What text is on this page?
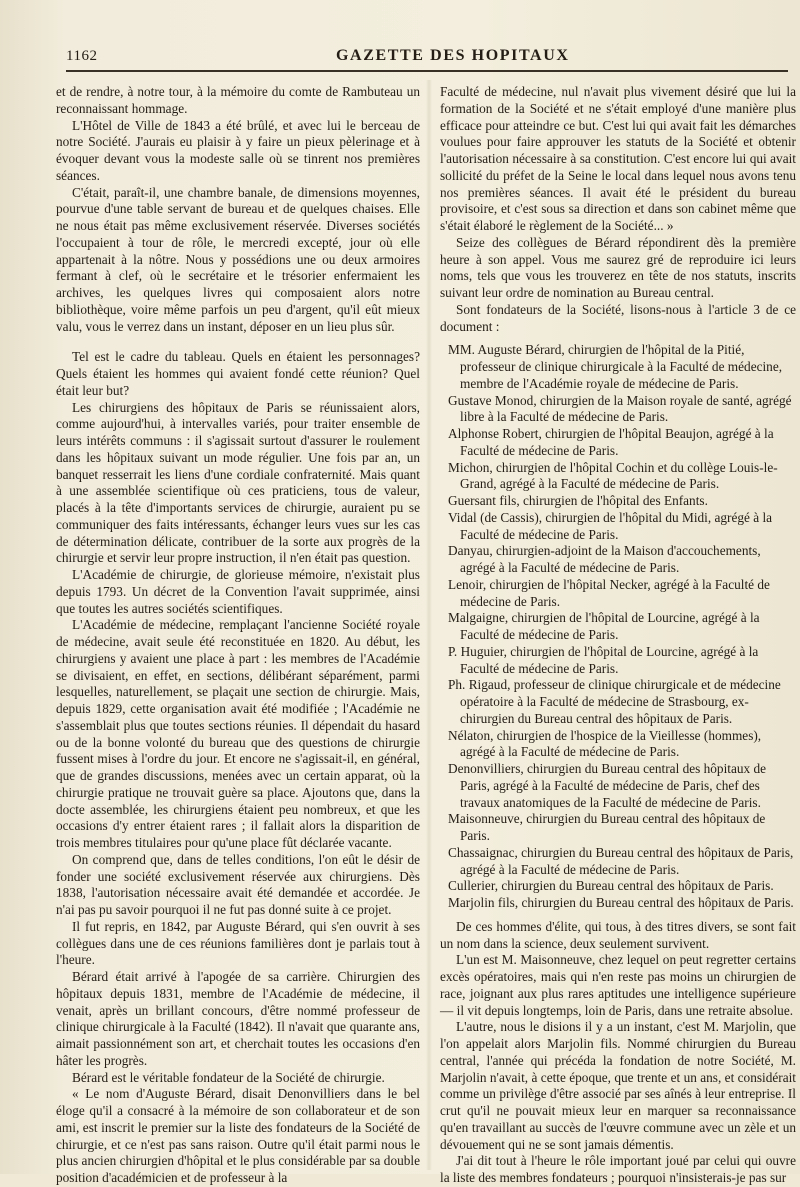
1162	GAZETTE DES HOPITAUX

et de rendre, à notre tour, à la mémoire du comte de Rambuteau un reconnaissant hommage.

L'Hôtel de Ville de 1843 a été brûlé, et avec lui le berceau de notre Société. J'aurais eu plaisir à y faire un pieux pèlerinage et à évoquer devant vous la modeste salle où se tinrent nos premières séances.

C'était, paraît-il, une chambre banale, de dimensions moyennes, pourvue d'une table servant de bureau et de quelques chaises. Elle ne nous était pas même exclusivement réservée. Diverses sociétés l'occupaient à tour de rôle, le mercredi excepté, jour où elle appartenait à la nôtre. Nous y possédions une ou deux armoires fermant à clef, où le secrétaire et le trésorier enfermaient les archives, les quelques livres qui composaient alors notre bibliothèque, voire même parfois un peu d'argent, qu'il eût mieux valu, vous le verrez dans un instant, déposer en un lieu plus sûr.

Tel est le cadre du tableau. Quels en étaient les personnages? Quels étaient les hommes qui avaient fondé cette réunion? Quel était leur but?

Les chirurgiens des hôpitaux de Paris se réunissaient alors, comme aujourd'hui, à intervalles variés, pour traiter ensemble de leurs intérêts communs : il s'agissait surtout d'assurer le roulement dans les hôpitaux suivant un mode régulier. Une fois par an, un banquet resserrait les liens d'une cordiale confraternité. Mais quant à une assemblée scientifique où ces praticiens, tous de valeur, placés à la tête d'importants services de chirurgie, auraient pu se communiquer des faits intéressants, échanger leurs vues sur les cas de détermination délicate, contribuer de la sorte aux progrès de la chirurgie et servir leur propre instruction, il n'en était pas question.

L'Académie de chirurgie, de glorieuse mémoire, n'existait plus depuis 1793. Un décret de la Convention l'avait supprimée, ainsi que toutes les autres sociétés scientifiques.

L'Académie de médecine, remplaçant l'ancienne Société royale de médecine, avait seule été reconstituée en 1820. Au début, les chirurgiens y avaient une place à part : les membres de l'Académie se divisaient, en effet, en sections, délibérant séparément, parmi lesquelles, naturellement, se plaçait une section de chirurgie. Mais, depuis 1829, cette organisation avait été modifiée ; l'Académie ne s'assemblait plus que toutes sections réunies. Il dépendait du hasard ou de la bonne volonté du bureau que des questions de chirurgie fussent mises à l'ordre du jour. Et encore ne s'agissait-il, en général, que de grandes discussions, menées avec un certain apparat, où la chirurgie pratique ne trouvait guère sa place. Ajoutons que, dans la docte assemblée, les chirurgiens étaient peu nombreux, et que les occasions d'y entrer étaient rares ; il fallait alors la disparition de trois membres titulaires pour qu'une place fût déclarée vacante.

On comprend que, dans de telles conditions, l'on eût le désir de fonder une société exclusivement réservée aux chirurgiens. Dès 1838, l'autorisation nécessaire avait été demandée et accordée. Je n'ai pas pu savoir pourquoi il ne fut pas donné suite à ce projet.

Il fut repris, en 1842, par Auguste Bérard, qui s'en ouvrit à ses collègues dans une de ces réunions familières dont je parlais tout à l'heure.

Bérard était arrivé à l'apogée de sa carrière. Chirurgien des hôpitaux depuis 1831, membre de l'Académie de médecine, il venait, après un brillant concours, d'être nommé professeur de clinique chirurgicale à la Faculté (1842). Il n'avait que quarante ans, aimait passionnément son art, et cherchait toutes les occasions d'en hâter les progrès.

Bérard est le véritable fondateur de la Société de chirurgie.

« Le nom d'Auguste Bérard, disait Denonvilliers dans le bel éloge qu'il a consacré à la mémoire de son collaborateur et de son ami, est inscrit le premier sur la liste des fondateurs de la Société de chirurgie, et ce n'est pas sans raison. Outre qu'il était parmi nous le plus ancien chirurgien d'hôpital et le plus considérable par sa double position d'académicien et de professeur à la

Faculté de médecine, nul n'avait plus vivement désiré que lui la formation de la Société et ne s'était employé d'une manière plus efficace pour atteindre ce but. C'est lui qui avait fait les démarches voulues pour faire approuver les statuts de la Société et obtenir l'autorisation nécessaire à sa constitution. C'est encore lui qui avait sollicité du préfet de la Seine le local dans lequel nous avons tenu nos premières séances. Il avait été le président du bureau provisoire, et c'est sous sa direction et dans son cabinet même que s'était élaboré le règlement de la Société... »

Seize des collègues de Bérard répondirent dès la première heure à son appel. Vous me saurez gré de reproduire ici leurs noms, tels que vous les trouverez en tête de nos statuts, inscrits suivant leur ordre de nomination au Bureau central.

Sont fondateurs de la Société, lisons-nous à l'article 3 de ce document :

MM. Auguste Bérard, chirurgien de l'hôpital de la Pitié, professeur de clinique chirurgicale à la Faculté de médecine, membre de l'Académie royale de médecine de Paris.
Gustave Monod, chirurgien de la Maison royale de santé, agrégé libre à la Faculté de médecine de Paris.
Alphonse Robert, chirurgien de l'hôpital Beaujon, agrégé à la Faculté de médecine de Paris.
Michon, chirurgien de l'hôpital Cochin et du collège Louis-le-Grand, agrégé à la Faculté de médecine de Paris.
Guersant fils, chirurgien de l'hôpital des Enfants.
Vidal (de Cassis), chirurgien de l'hôpital du Midi, agrégé à la Faculté de médecine de Paris.
Danyau, chirurgien-adjoint de la Maison d'accouchements, agrégé à la Faculté de médecine de Paris.
Lenoir, chirurgien de l'hôpital Necker, agrégé à la Faculté de médecine de Paris.
Malgaigne, chirurgien de l'hôpital de Lourcine, agrégé à la Faculté de médecine de Paris.
P. Huguier, chirurgien de l'hôpital de Lourcine, agrégé à la Faculté de médecine de Paris.
Ph. Rigaud, professeur de clinique chirurgicale et de médecine opératoire à la Faculté de médecine de Strasbourg, ex-chirurgien du Bureau central des hôpitaux de Paris.
Nélaton, chirurgien de l'hospice de la Vieillesse (hommes), agrégé à la Faculté de médecine de Paris.
Denonvilliers, chirurgien du Bureau central des hôpitaux de Paris, agrégé à la Faculté de médecine de Paris, chef des travaux anatomiques de la Faculté de médecine de Paris.
Maisonneuve, chirurgien du Bureau central des hôpitaux de Paris.
Chassaignac, chirurgien du Bureau central des hôpitaux de Paris, agrégé à la Faculté de médecine de Paris.
Cullerier, chirurgien du Bureau central des hôpitaux de Paris.
Marjolin fils, chirurgien du Bureau central des hôpitaux de Paris.

De ces hommes d'élite, qui tous, à des titres divers, se sont fait un nom dans la science, deux seulement survivent.

L'un est M. Maisonneuve, chez lequel on peut regretter certains excès opératoires, mais qui n'en reste pas moins un chirurgien de race, joignant aux plus rares aptitudes une intelligence supérieure — il vit depuis longtemps, loin de Paris, dans une retraite absolue.

L'autre, nous le disions il y a un instant, c'est M. Marjolin, que l'on appelait alors Marjolin fils. Nommé chirurgien du Bureau central, l'année qui précéda la fondation de notre Société, M. Marjolin n'avait, à cette époque, que trente et un ans, et considérait comme un privilège d'être associé par ses aînés à leur entreprise. Il crut qu'il ne pouvait mieux leur en marquer sa reconnaissance qu'en travaillant au succès de l'œuvre commune avec un zèle et un dévouement qui ne se sont jamais démentis.

J'ai dit tout à l'heure le rôle important joué par celui qui ouvre la liste des membres fondateurs ; pourquoi n'insisterais-je pas sur
